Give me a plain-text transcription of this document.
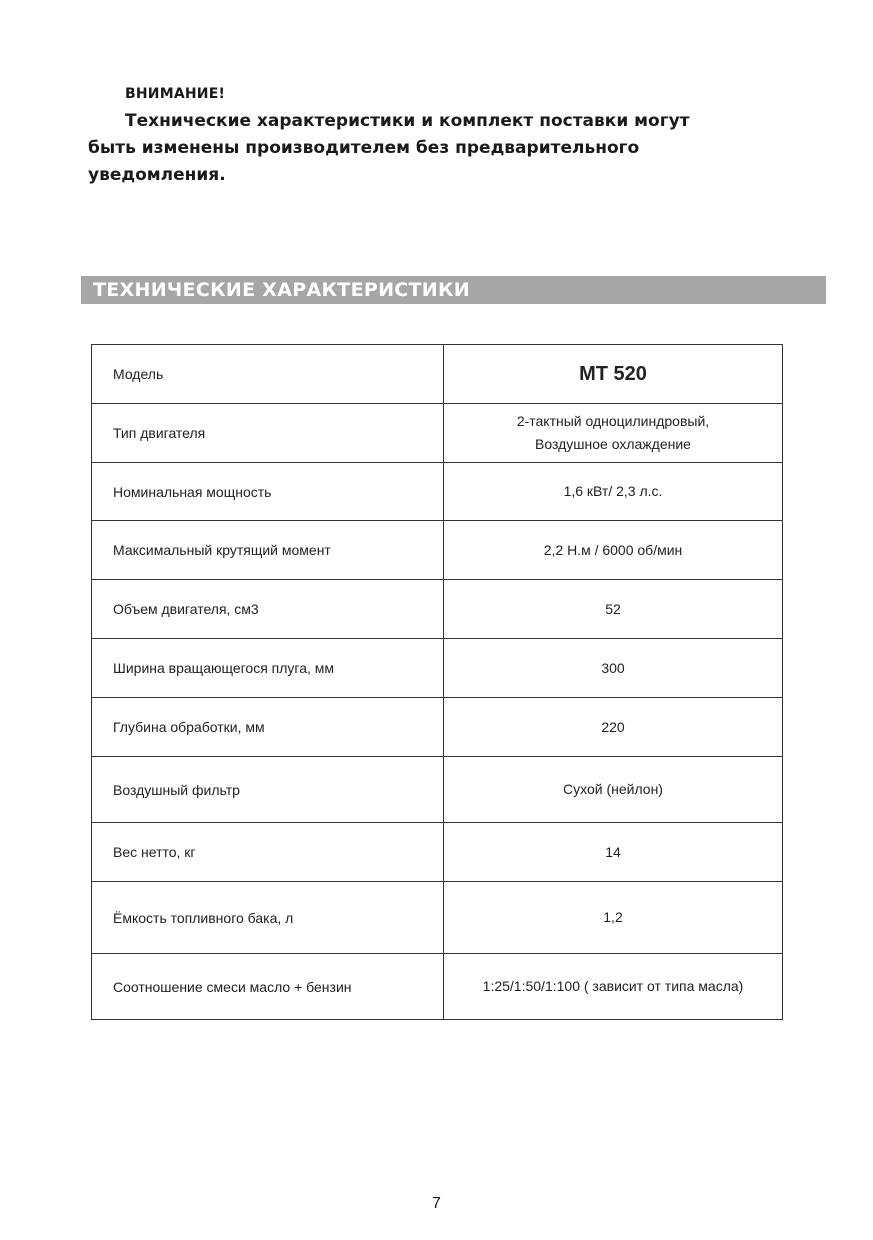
ВНИМАНИЕ!
Технические характеристики и комплект поставки могут
быть изменены производителем без предварительного
уведомления.
ТЕХНИЧЕСКИЕ ХАРАКТЕРИСТИКИ
Модель	MT 520
Тип двигателя	2-тактный одноцилиндровый,
Воздушное охлаждение
Номинальная мощность	1,6 кВт/ 2,3 л.с.
Максимальный крутящий момент	2,2 Н.м / 6000 об/мин
Объем двигателя, см3	52
Ширина вращающегося плуга, мм	300
Глубина обработки, мм	220
Воздушный фильтр	Сухой (нейлон)
Вес нетто, кг	14
Ёмкость топливного бака, л	1,2
Соотношение смеси масло + бензин	1:25/1:50/1:100 ( зависит от типа масла)
7
